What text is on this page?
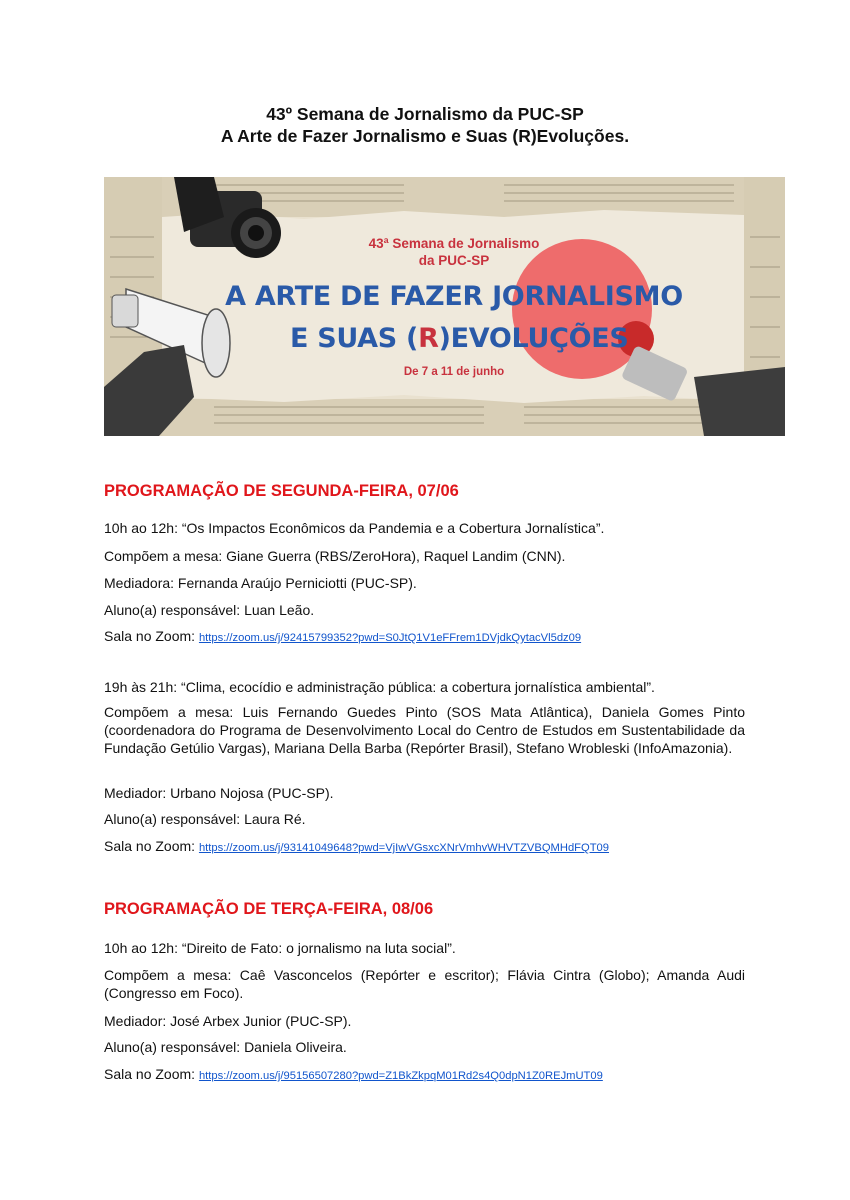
43º Semana de Jornalismo da PUC-SP
A Arte de Fazer Jornalismo e Suas (R)Evoluções.
43ª Semana de Jornalismo
da PUC-SP
A ARTE DE FAZER JORNALISMO
E SUAS (R)EVOLUÇÕES
De 7 a 11 de junho
PROGRAMAÇÃO DE SEGUNDA-FEIRA, 07/06
10h ao 12h: “Os Impactos Econômicos da Pandemia e a Cobertura Jornalística”.
Compõem a mesa: Giane Guerra (RBS/ZeroHora), Raquel Landim (CNN).
Mediadora: Fernanda Araújo Perniciotti (PUC-SP).
Aluno(a) responsável: Luan Leão.
Sala no Zoom: https://zoom.us/j/92415799352?pwd=S0JtQ1V1eFFrem1DVjdkQytacVl5dz09
19h às 21h: “Clima, ecocídio e administração pública: a cobertura jornalística ambiental”.
Compõem a mesa: Luis Fernando Guedes Pinto (SOS Mata Atlântica), Daniela Gomes Pinto (coordenadora do Programa de Desenvolvimento Local do Centro de Estudos em Sustentabilidade da Fundação Getúlio Vargas), Mariana Della Barba (Repórter Brasil), Stefano Wrobleski (InfoAmazonia).
Mediador: Urbano Nojosa (PUC-SP).
Aluno(a) responsável: Laura Ré.
Sala no Zoom: https://zoom.us/j/93141049648?pwd=VjIwVGsxcXNrVmhvWHVTZVBQMHdFQT09
PROGRAMAÇÃO DE TERÇA-FEIRA, 08/06
10h ao 12h: “Direito de Fato: o jornalismo na luta social”.
Compõem a mesa: Caê Vasconcelos (Repórter e escritor); Flávia Cintra (Globo); Amanda Audi (Congresso em Foco).
Mediador: José Arbex Junior (PUC-SP).
Aluno(a) responsável: Daniela Oliveira.
Sala no Zoom: https://zoom.us/j/95156507280?pwd=Z1BkZkpqM01Rd2s4Q0dpN1Z0REJmUT09
